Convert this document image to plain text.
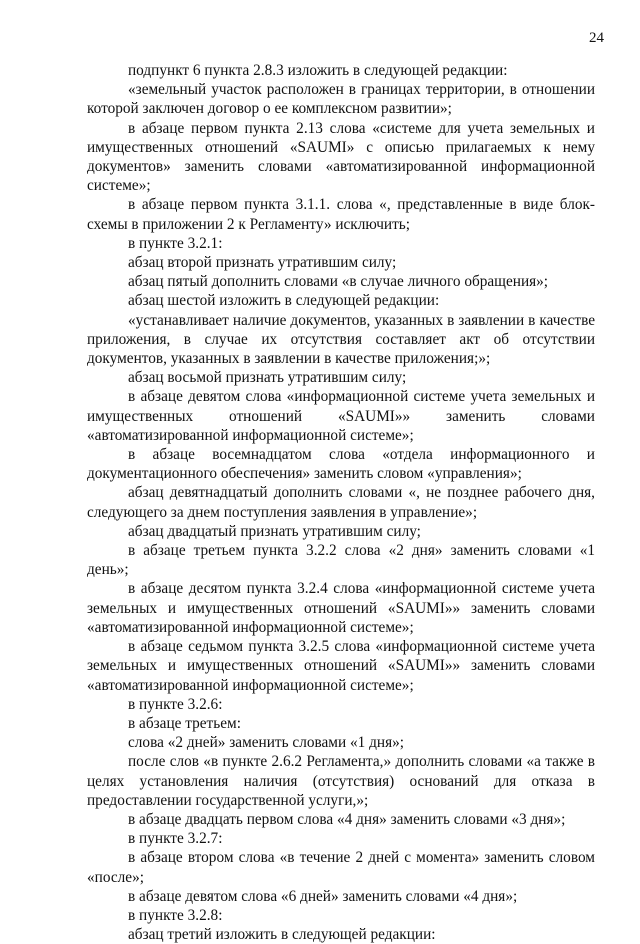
24

подпункт 6 пункта 2.8.3 изложить в следующей редакции:

«земельный участок расположен в границах территории, в отношении которой заключен договор о ее комплексном развитии»;

в абзаце первом пункта 2.13 слова «системе для учета земельных и имущественных отношений «SAUMI» с описью прилагаемых к нему документов» заменить словами «автоматизированной информационной системе»;

в абзаце первом пункта 3.1.1. слова «, представленные в виде блок-схемы в приложении 2 к Регламенту» исключить;

в пункте 3.2.1:

абзац второй признать утратившим силу;

абзац пятый дополнить словами «в случае личного обращения»;

абзац шестой изложить в следующей редакции:

«устанавливает наличие документов, указанных в заявлении в качестве приложения, в случае их отсутствия составляет акт об отсутствии документов, указанных в заявлении в качестве приложения;»;

абзац восьмой признать утратившим силу;

в абзаце девятом слова «информационной системе учета земельных и имущественных отношений «SAUMI»» заменить словами «автоматизированной информационной системе»;

в абзаце восемнадцатом слова «отдела информационного и документационного обеспечения» заменить словом «управления»;

абзац девятнадцатый дополнить словами «, не позднее рабочего дня, следующего за днем поступления заявления в управление»;

абзац двадцатый признать утратившим силу;

в абзаце третьем пункта 3.2.2 слова «2 дня» заменить словами «1 день»;

в абзаце десятом пункта 3.2.4 слова «информационной системе учета земельных и имущественных отношений «SAUMI»» заменить словами «автоматизированной информационной системе»;

в абзаце седьмом пункта 3.2.5 слова «информационной системе учета земельных и имущественных отношений «SAUMI»» заменить словами «автоматизированной информационной системе»;

в пункте 3.2.6:

в абзаце третьем:

слова «2 дней» заменить словами «1 дня»;

после слов «в пункте 2.6.2 Регламента,» дополнить словами «а также в целях установления наличия (отсутствия) оснований для отказа в предоставлении государственной услуги,»;

в абзаце двадцать первом слова «4 дня» заменить словами «3 дня»;

в пункте 3.2.7:

в абзаце втором слова «в течение 2 дней с момента» заменить словом «после»;

в абзаце девятом слова «6 дней» заменить словами «4 дня»;

в пункте 3.2.8:

абзац третий изложить в следующей редакции:
